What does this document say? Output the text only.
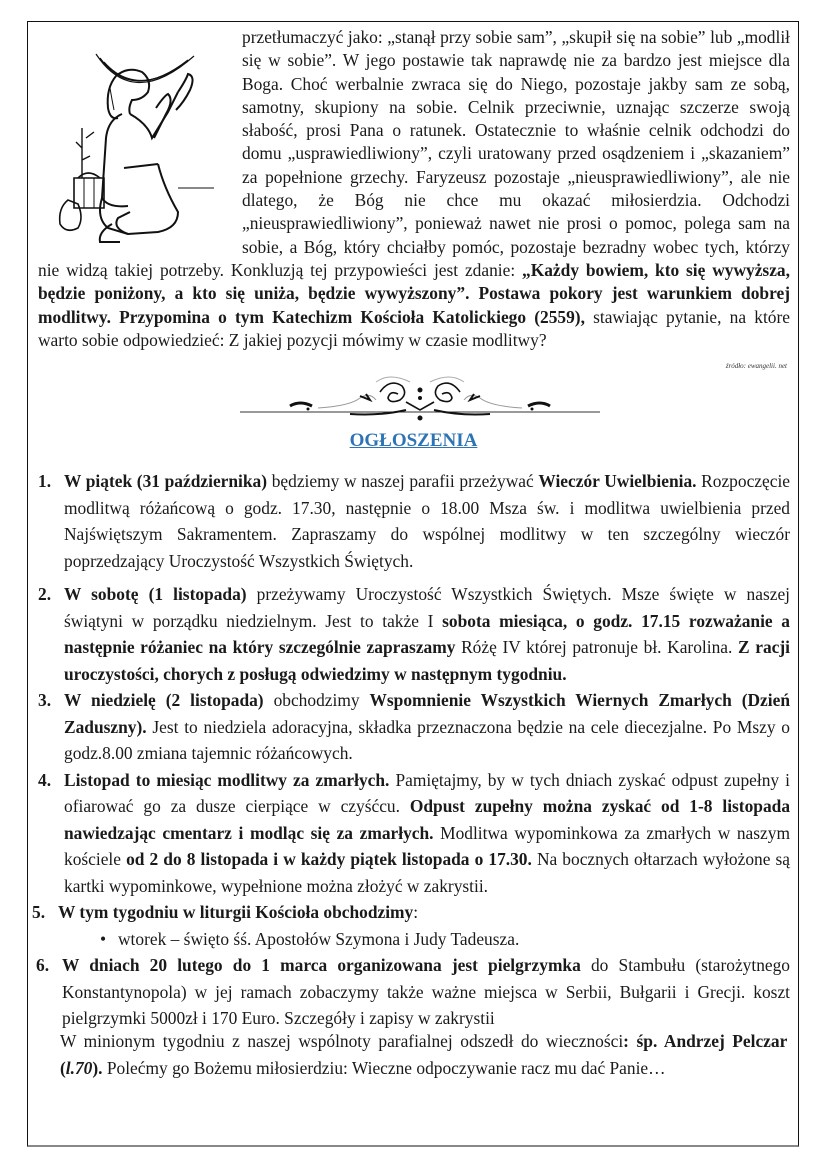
przetłumaczyć jako: „stanął przy sobie sam”, „skupił się na sobie” lub „modlił się w sobie”. W jego postawie tak naprawdę nie za bardzo jest miejsce dla Boga. Choć werbalnie zwraca się do Niego, pozostaje jakby sam ze sobą, samotny, skupiony na sobie. Celnik przeciwnie, uznając szczerze swoją słabość, prosi Pana o ratunek. Ostatecznie to właśnie celnik odchodzi do domu „usprawiedliwiony”, czyli uratowany przed osądzeniem i „skazaniem” za popełnione grzechy. Faryzeusz pozostaje „nieusprawiedliwiony”, ale nie dlatego, że Bóg nie chce mu okazać miłosierdzia. Odchodzi „nieusprawiedliwiony”, ponieważ nawet nie prosi o pomoc, polega sam na sobie, a Bóg, który chciałby pomóc, pozostaje bezradny wobec tych, którzy nie widzą takiej potrzeby. Konkluzją tej przypowieści jest zdanie: „Każdy bowiem, kto się wywyższa, będzie poniżony, a kto się uniża, będzie wywyższony”. Postawa pokory jest warunkiem dobrej modlitwy. Przypomina o tym Katechizm Kościoła Katolickiego (2559), stawiając pytanie, na które warto sobie odpowiedzieć: Z jakiej pozycji mówimy w czasie modlitwy?

źródło: ewangelii. net
OGŁOSZENIA
1. W piątek (31 października) będziemy w naszej parafii przeżywać Wieczór Uwielbienia. Rozpoczęcie modlitwą różańcową o godz. 17.30, następnie o 18.00 Msza św. i modlitwa uwielbienia przed Najświętszym Sakramentem. Zapraszamy do wspólnej modlitwy w ten szczególny wieczór poprzedzający Uroczystość Wszystkich Świętych.
2. W sobotę (1 listopada) przeżywamy Uroczystość Wszystkich Świętych. Msze święte w naszej świątyni w porządku niedzielnym. Jest to także I sobota miesiąca, o godz. 17.15 rozważanie a następnie różaniec na który szczególnie zapraszamy Różę IV której patronuje bł. Karolina. Z racji uroczystości, chorych z posługą odwiedzimy w następnym tygodniu.
3. W niedzielę (2 listopada) obchodzimy Wspomnienie Wszystkich Wiernych Zmarłych (Dzień Zaduszny). Jest to niedziela adoracyjna, składka przeznaczona będzie na cele diecezjalne. Po Mszy o godz.8.00 zmiana tajemnic różańcowych.
4. Listopad to miesiąc modlitwy za zmarłych. Pamiętajmy, by w tych dniach zyskać odpust zupełny i ofiarować go za dusze cierpiące w czyśćcu. Odpust zupełny można zyskać od 1-8 listopada nawiedzając cmentarz i modląc się za zmarłych. Modlitwa wypominkowa za zmarłych w naszym kościele od 2 do 8 listopada i w każdy piątek listopada o 17.30. Na bocznych ołtarzach wyłożone są kartki wypominkowe, wypełnione można złożyć w zakrystii.
5. W tym tygodniu w liturgii Kościoła obchodzimy:
• wtorek – święto śś. Apostołów Szymona i Judy Tadeusza.
6. W dniach 20 lutego do 1 marca organizowana jest pielgrzymka do Stambułu (starożytnego Konstantynopola) w jej ramach zobaczymy także ważne miejsca w Serbii, Bułgarii i Grecji. koszt pielgrzymki 5000zł i 170 Euro. Szczegóły i zapisy w zakrystii
W minionym tygodniu z naszej wspólnoty parafialnej odszedł do wieczności: śp. Andrzej Pelczar (l.70). Polećmy go Bożemu miłosierdziu: Wieczne odpoczywanie racz mu dać Panie…
